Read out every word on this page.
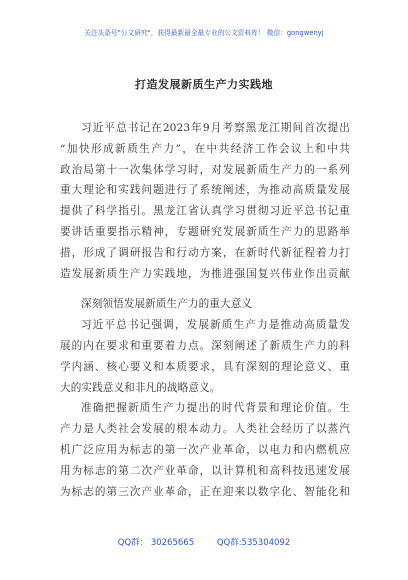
关注头条号"公文研究"，获得最新最全最专业的公文资料库！ 微信：gongwenyj
打造发展新质生产力实践地
习近平总书记在2023年9月考察黑龙江期间首次提出
“加快形成新质生产力”，在中共经济工作会议上和中共
政治局第十一次集体学习时，对发展新质生产力的一系列
重大理论和实践问题进行了系统阐述，为推动高质量发展
提供了科学指引。黑龙江省认真学习贯彻习近平总书记重
要讲话重要指示精神，专题研究发展新质生产力的思路举
措，形成了调研报告和行动方案，在新时代新征程着力打
造发展新质生产力实践地，为推进强国复兴伟业作出贡献
深刻领悟发展新质生产力的重大意义
习近平总书记强调，发展新质生产力是推动高质量发
展的内在要求和重要着力点。深刻阐述了新质生产力的科
学内涵、核心要义和本质要求，具有深刻的理论意义、重
大的实践意义和非凡的战略意义。
准确把握新质生产力提出的时代背景和理论价值。生
产力是人类社会发展的根本动力。人类社会经历了以蒸汽
机广泛应用为标志的第一次产业革命，以电力和内燃机应
用为标志的第二次产业革命，以计算机和高科技迅速发展
为标志的第三次产业革命，正在迎来以数字化、智能化和
QQ群： 30265665	QQ群:535304092
